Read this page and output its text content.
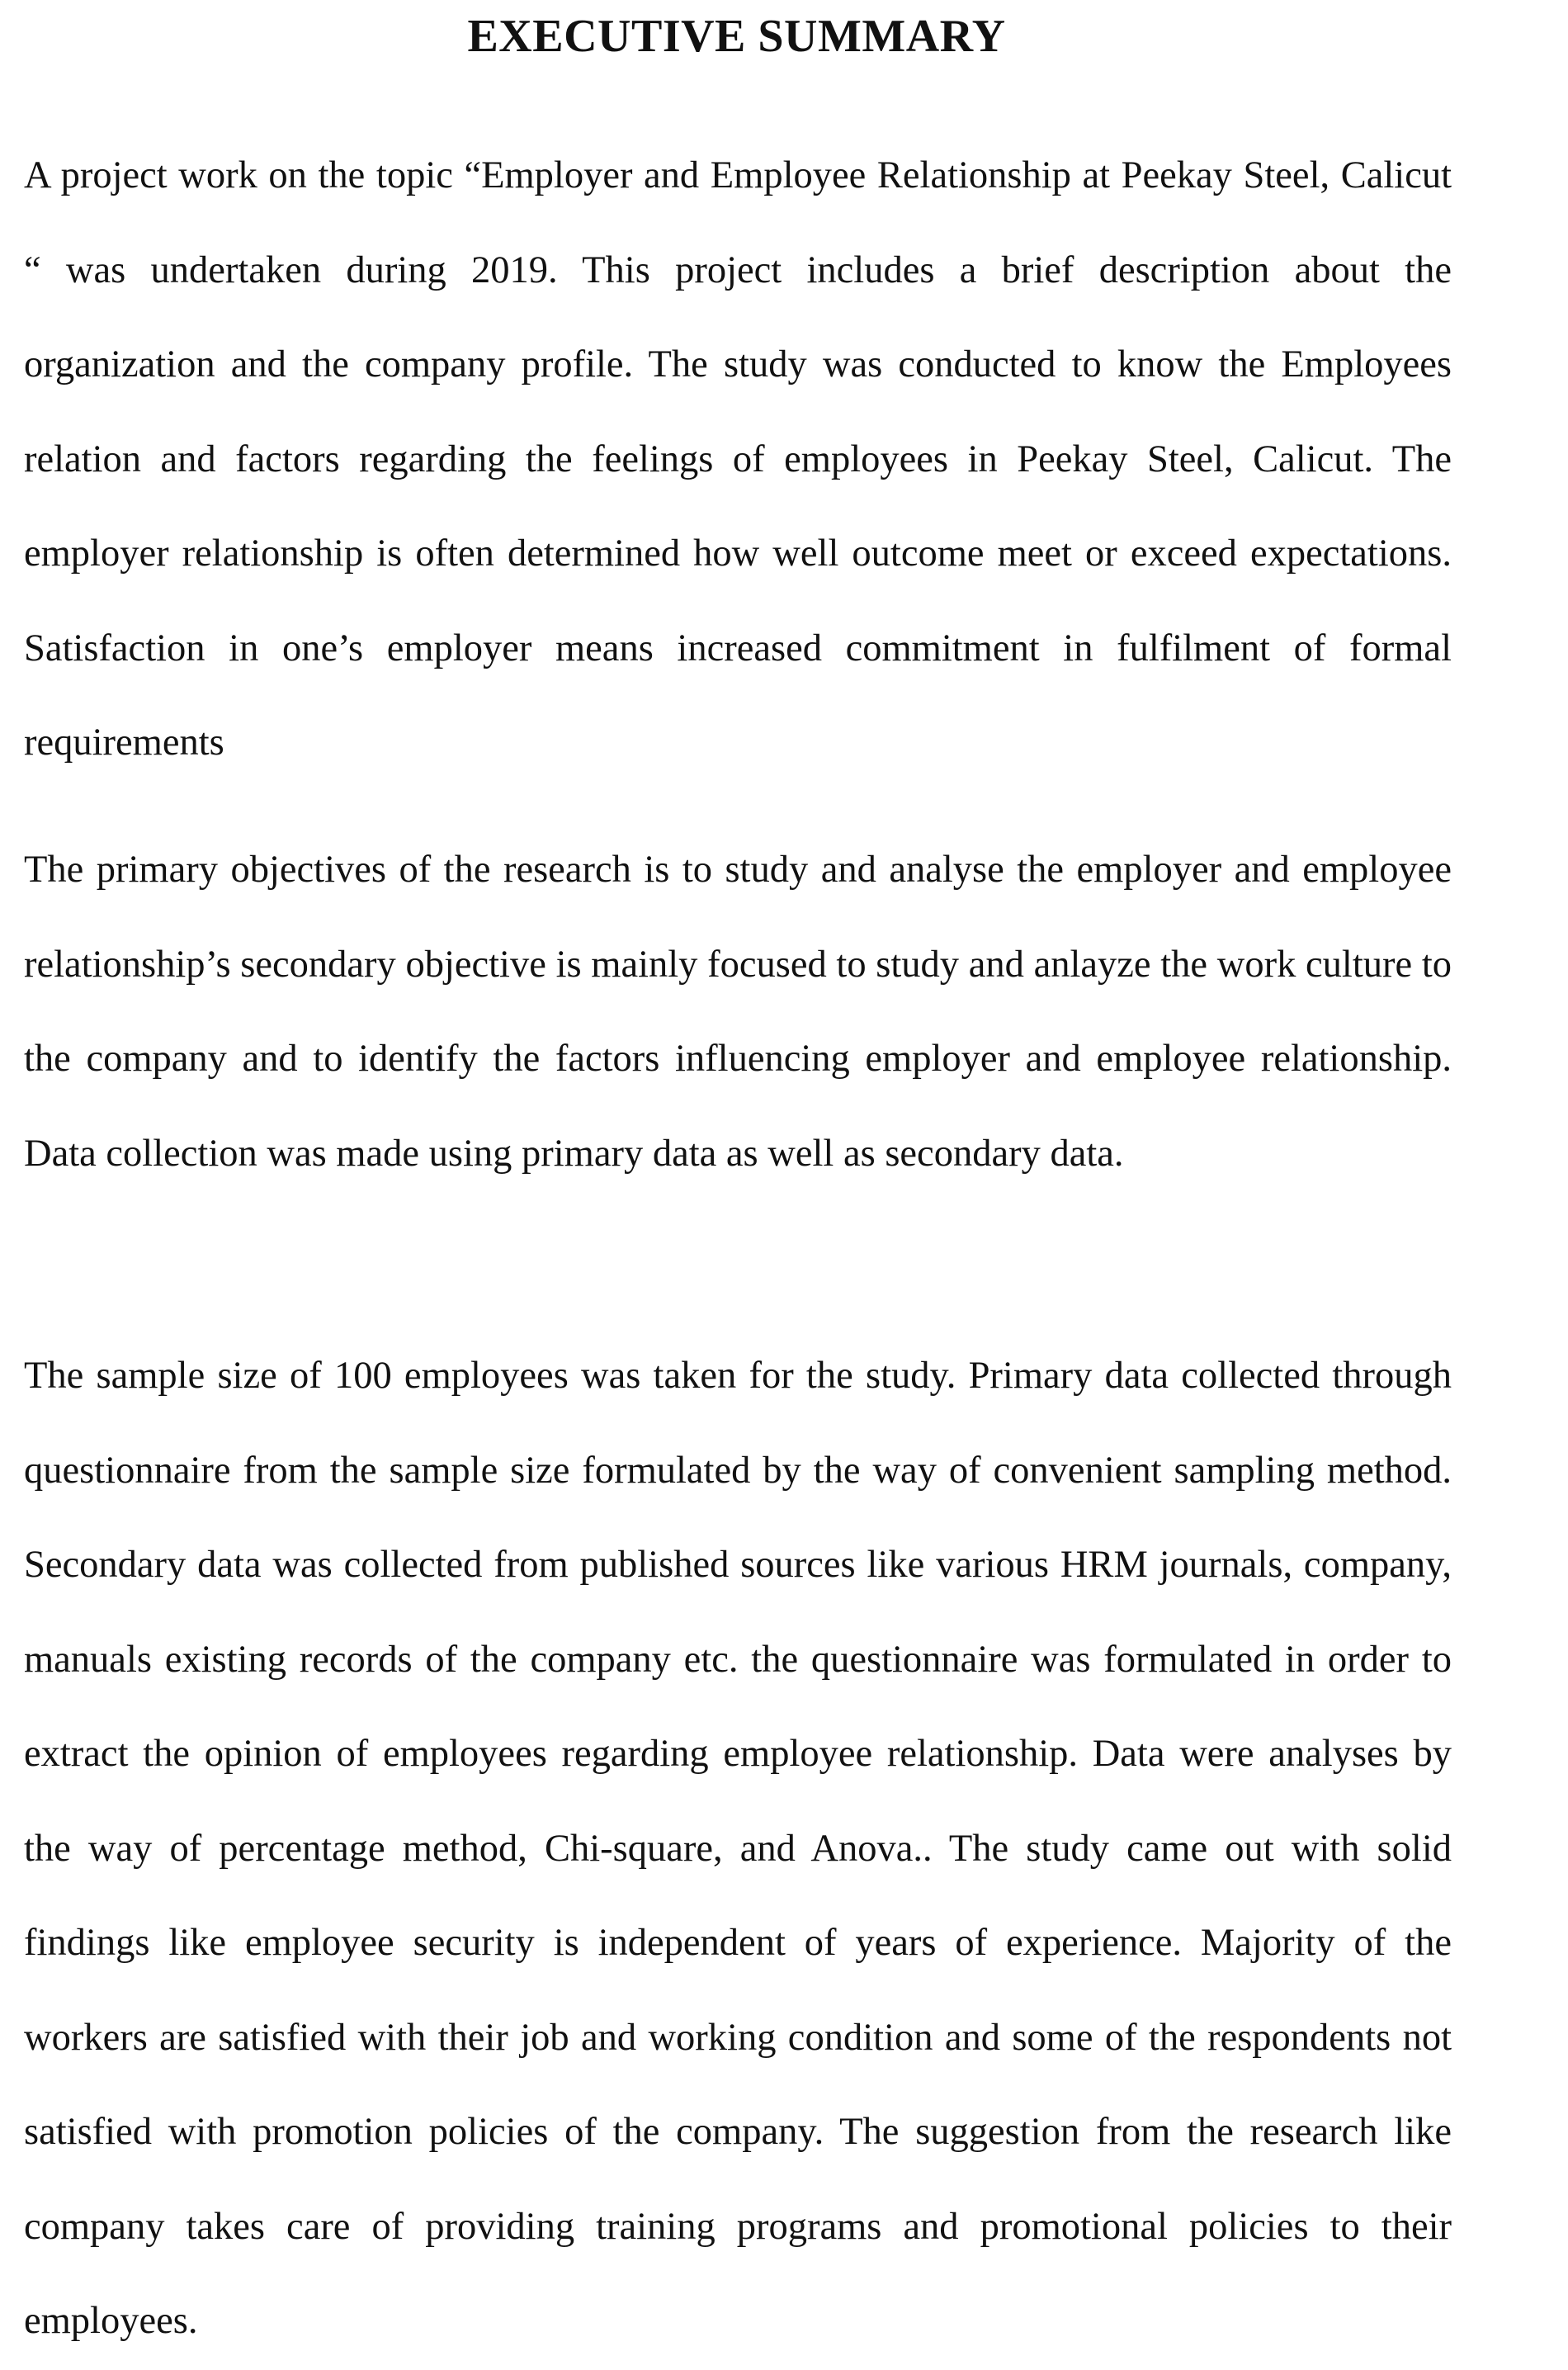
EXECUTIVE SUMMARY

A project work on the topic “Employer and Employee Relationship at Peekay Steel, Calicut “ was undertaken during 2019. This project includes a brief description about the organization and the company profile. The study was conducted to know the Employees relation and factors regarding the feelings of employees in Peekay Steel, Calicut. The employer relationship is often determined how well outcome meet or exceed expectations. Satisfaction in one’s employer means increased commitment in fulfilment of formal requirements

The primary objectives of the research is to study and analyse the employer and employee relationship’s secondary objective is mainly focused to study and anlayze the work culture to the company and to identify the factors influencing employer and employee relationship. Data collection was made using primary data as well as secondary data.

The sample size of 100 employees was taken for the study. Primary data collected through questionnaire from the sample size formulated by the way of convenient sampling method. Secondary data was collected from published sources like various HRM journals, company, manuals existing records of the company etc. the questionnaire was formulated in order to extract the opinion of employees regarding employee relationship. Data were analyses by the way of percentage method, Chi-square, and Anova.. The study came out with solid findings like employee security is independent of years of experience. Majority of the workers are satisfied with their job and working condition and some of the respondents not satisfied with promotion policies of the company. The suggestion from the research like company takes care of providing training programs and promotional policies to their employees.
